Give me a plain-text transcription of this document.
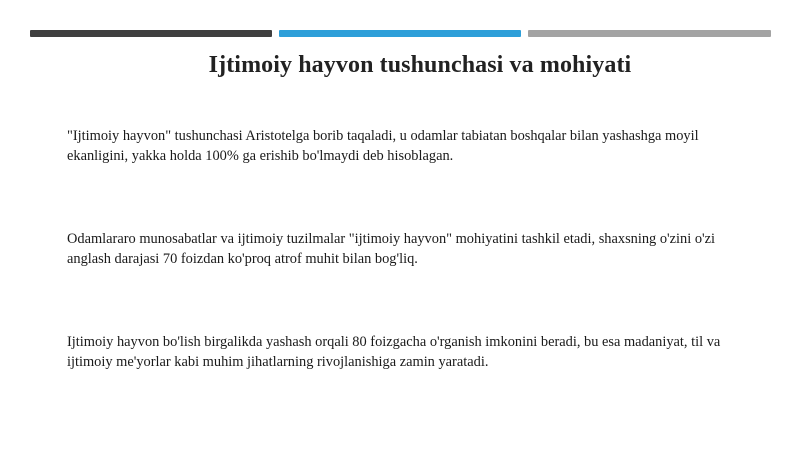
Ijtimoiy hayvon tushunchasi va mohiyati

"Ijtimoiy hayvon" tushunchasi Aristotelga borib taqaladi, u odamlar tabiatan boshqalar bilan yashashga moyil ekanligini, yakka holda 100% ga erishib bo'lmaydi deb hisoblagan.

Odamlararo munosabatlar va ijtimoiy tuzilmalar "ijtimoiy hayvon" mohiyatini tashkil etadi, shaxsning o'zini o'zi anglash darajasi 70 foizdan ko'proq atrof muhit bilan bog'liq.

Ijtimoiy hayvon bo'lish birgalikda yashash orqali 80 foizgacha o'rganish imkonini beradi, bu esa madaniyat, til va ijtimoiy me'yorlar kabi muhim jihatlarning rivojlanishiga zamin yaratadi.
